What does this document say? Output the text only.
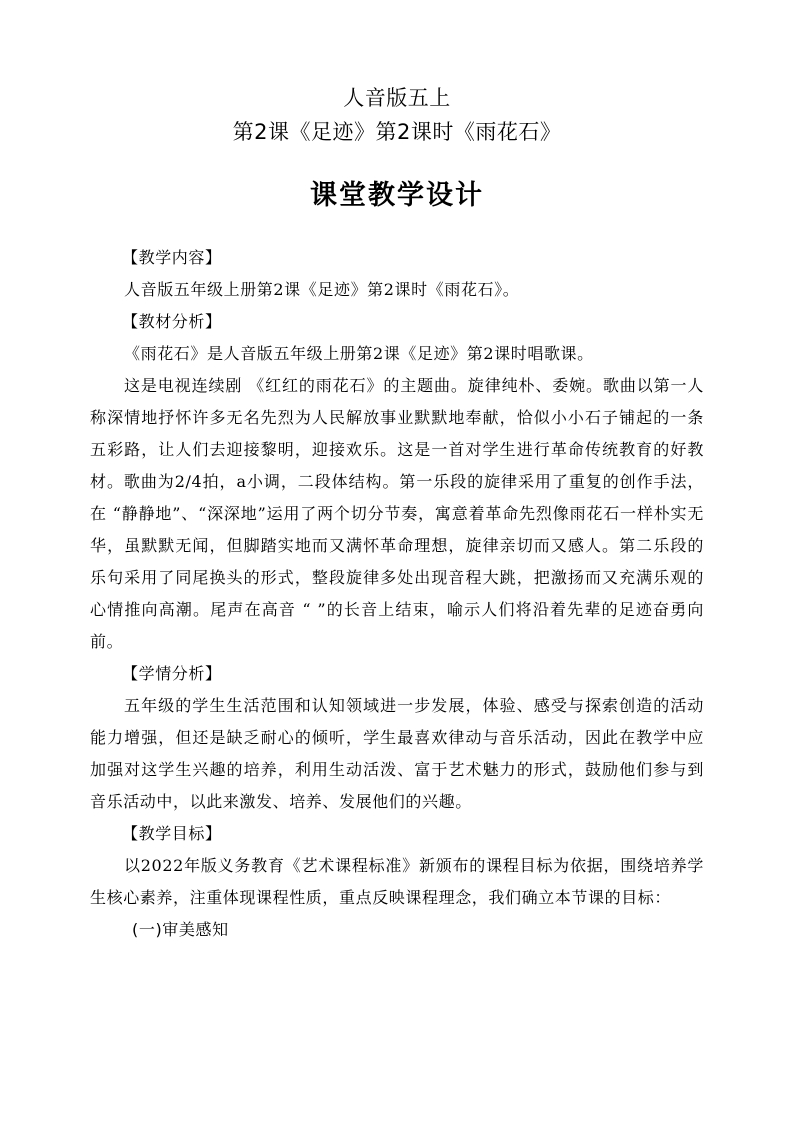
人音版五上
第2课《足迹》第2课时《雨花石》
课堂教学设计
【教学内容】
人音版五年级上册第2课《足迹》第2课时《雨花石》。
【教材分析】
《雨花石》是人音版五年级上册第2课《足迹》第2课时唱歌课。
这是电视连续剧 《红红的雨花石》的主题曲。旋律纯朴、委婉。歌曲以第一人称深情地抒怀许多无名先烈为人民解放事业默默地奉献，恰似小小石子铺起的一条五彩路，让人们去迎接黎明，迎接欢乐。这是一首对学生进行革命传统教育的好教材。歌曲为2/4拍，a小调，二段体结构。第一乐段的旋律采用了重复的创作手法，在 “静静地”、“深深地”运用了两个切分节奏，寓意着革命先烈像雨花石一样朴实无华，虽默默无闻，但脚踏实地而又满怀革命理想，旋律亲切而又感人。第二乐段的乐句采用了同尾换头的形式，整段旋律多处出现音程大跳，把激扬而又充满乐观的心情推向高潮。尾声在高音 “ ”的长音上结束，喻示人们将沿着先辈的足迹奋勇向前。
【学情分析】
五年级的学生生活范围和认知领域进一步发展，体验、感受与探索创造的活动能力增强，但还是缺乏耐心的倾听，学生最喜欢律动与音乐活动，因此在教学中应加强对这学生兴趣的培养，利用生动活泼、富于艺术魅力的形式，鼓励他们参与到音乐活动中，以此来激发、培养、发展他们的兴趣。
【教学目标】
以2022年版义务教育《艺术课程标准》新颁布的课程目标为依据，围绕培养学生核心素养，注重体现课程性质，重点反映课程理念，我们确立本节课的目标：
(一)审美感知
